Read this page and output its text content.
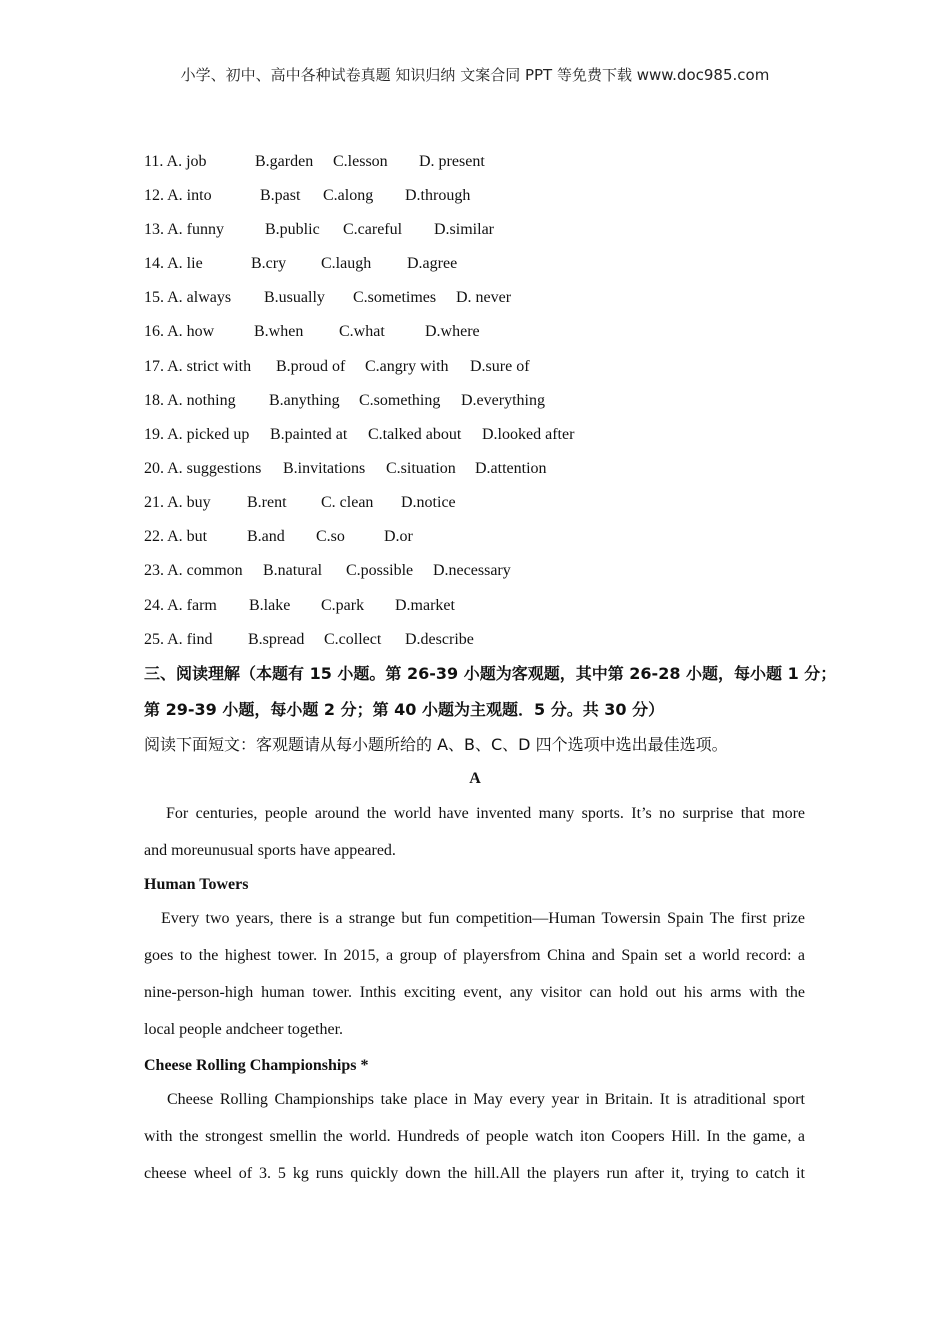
小学、初中、高中各种试卷真题 知识归纳 文案合同 PPT 等免费下载 www.doc985.com
11. A. job	B.garden C.lesson D. present
12. A. into	B.past C.along D.through
13. A. funny	B.public C.careful D.similar
14. A. lie	B.cry C.laugh D.agree
15. A. always B.usually C.sometimes D. never
16. A. how B.when C.what	D.where
17. A. strict with B.proud of C.angry with D.sure of
18. A. nothing B.anything C.something D.everything
19. A. picked up B.painted at C.talked about D.looked after
20. A. suggestions B.invitations C.situation D.attention
21. A. buy B.rent C. clean D.notice
22. A. but B.and C.so D.or
23. A. common B.natural C.possible D.necessary
24. A. farm B.lake C.park D.market
25. A. find B.spread C.collect D.describe
三、阅读理解（本题有 15 小题。第 26-39 小题为客观题，其中第 26-28 小题，每小题 1 分；
第 29-39 小题，每小题 2 分；第 40 小题为主观题．5 分。共 30 分）
阅读下面短文：客观题请从每小题所给的 A、B、C、D 四个选项中选出最佳选项。
A
For centuries, people around the world have invented many sports. It’s no surprise that more
and moreunusual sports have appeared.
Human Towers
Every two years, there is a strange but fun competition—Human Towersin Spain The first prize
goes to the highest tower. In 2015, a group of playersfrom China and Spain set a world record: a
nine-person-high human tower. Inthis exciting event, any visitor can hold out his arms with the
local people andcheer together.
Cheese Rolling Championships *
Cheese Rolling Championships take place in May every year in Britain. It is atraditional sport
with the strongest smellin the world. Hundreds of people watch iton Coopers Hill. In the game, a
cheese wheel of 3. 5 kg runs quickly down the hill.All the players run after it, trying to catch it
